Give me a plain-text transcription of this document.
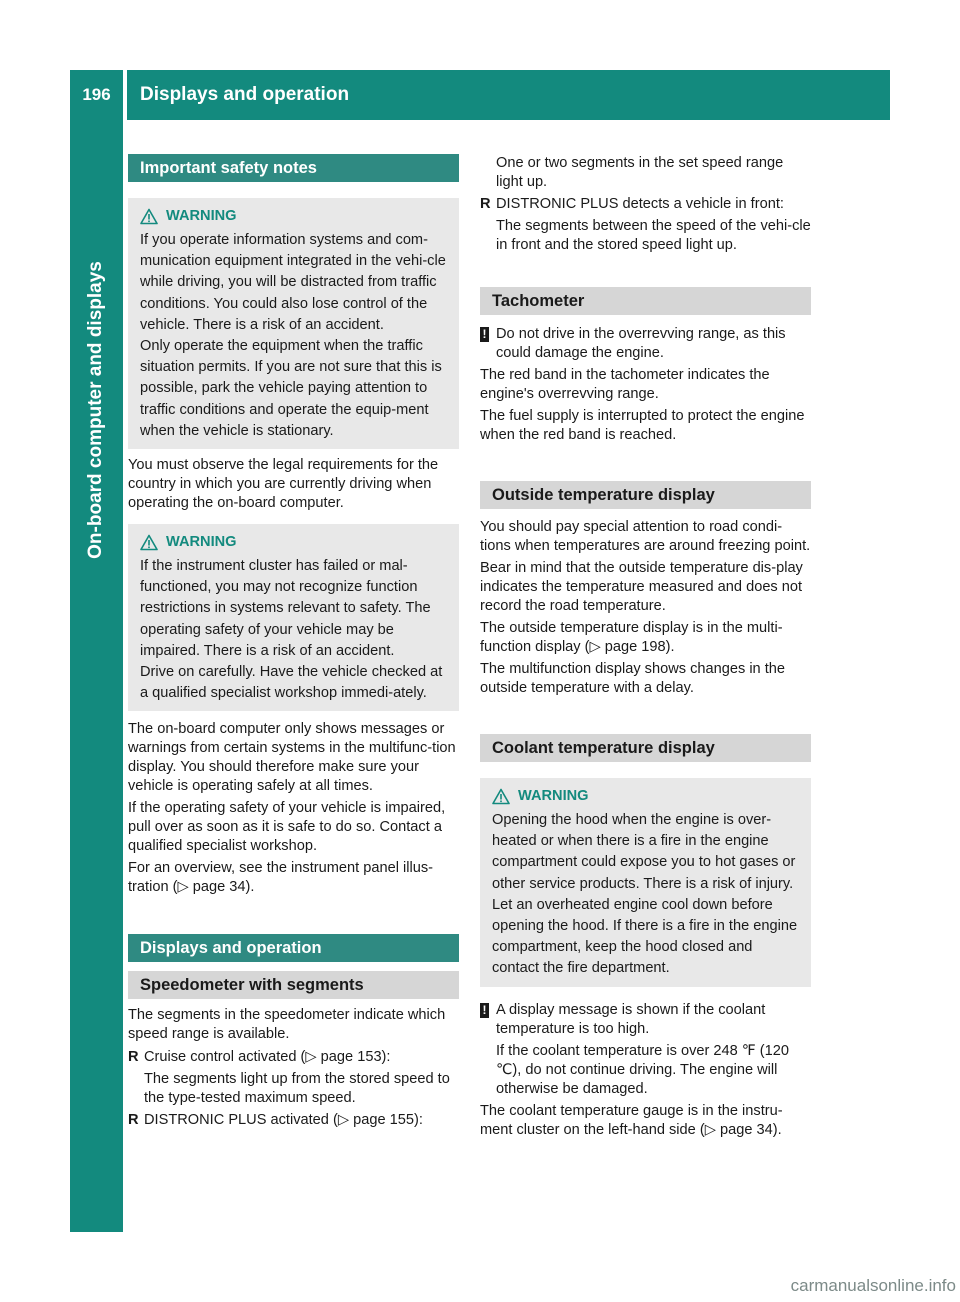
196	Displays and operation
On-board computer and displays
Important safety notes
WARNING

If you operate information systems and com-munication equipment integrated in the vehi-cle while driving, you will be distracted from traffic conditions. You could also lose control of the vehicle. There is a risk of an accident.

Only operate the equipment when the traffic situation permits. If you are not sure that this is possible, park the vehicle paying attention to traffic conditions and operate the equip-ment when the vehicle is stationary.

You must observe the legal requirements for the country in which you are currently driving when operating the on-board computer.

WARNING

If the instrument cluster has failed or mal-functioned, you may not recognize function restrictions in systems relevant to safety. The operating safety of your vehicle may be impaired. There is a risk of an accident.

Drive on carefully. Have the vehicle checked at a qualified specialist workshop immedi-ately.

The on-board computer only shows messages or warnings from certain systems in the multifunc-tion display. You should therefore make sure your vehicle is operating safely at all times.

If the operating safety of your vehicle is impaired, pull over as soon as it is safe to do so. Contact a qualified specialist workshop.

For an overview, see the instrument panel illus-tration (▷ page 34).

Displays and operation
Speedometer with segments

The segments in the speedometer indicate which speed range is available.

R Cruise control activated (▷ page 153):

The segments light up from the stored speed to the type-tested maximum speed.

R DISTRONIC PLUS activated (▷ page 155):

One or two segments in the set speed range light up.

R DISTRONIC PLUS detects a vehicle in front:

The segments between the speed of the vehi-cle in front and the stored speed light up.

Tachometer
! Do not drive in the overrevving range, as this could damage the engine.

The red band in the tachometer indicates the engine's overrevving range.

The fuel supply is interrupted to protect the engine when the red band is reached.

Outside temperature display

You should pay special attention to road condi-tions when temperatures are around freezing point.

Bear in mind that the outside temperature dis-play indicates the temperature measured and does not record the road temperature.

The outside temperature display is in the multi-function display (▷ page 198).

The multifunction display shows changes in the outside temperature with a delay.

Coolant temperature display
WARNING

Opening the hood when the engine is over-heated or when there is a fire in the engine compartment could expose you to hot gases or other service products. There is a risk of injury.

Let an overheated engine cool down before opening the hood. If there is a fire in the engine compartment, keep the hood closed and contact the fire department.

! A display message is shown if the coolant temperature is too high.

If the coolant temperature is over 248 ℉ (120 ℃), do not continue driving. The engine will otherwise be damaged.

The coolant temperature gauge is in the instru-ment cluster on the left-hand side (▷ page 34).

carmanualsonline.info
